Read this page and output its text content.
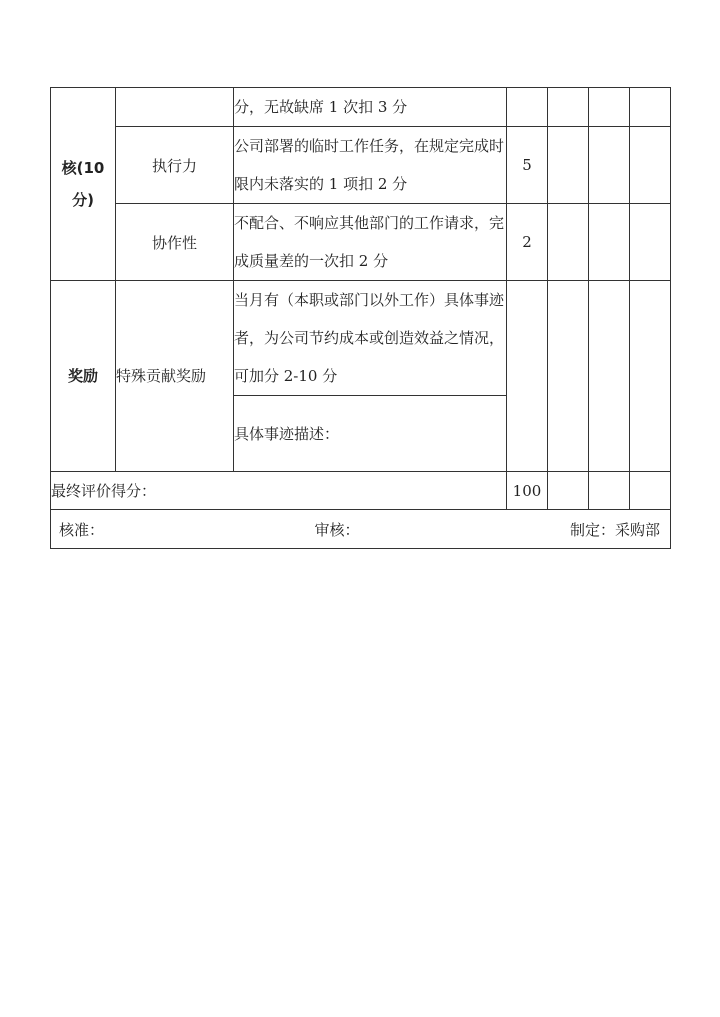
核(10
分)		分，无故缺席 1 次扣 3 分				
	执行力	公司部署的临时工作任务，在规定完成时限内未落实的 1 项扣 2 分	5			
	协作性	不配合、不响应其他部门的工作请求，完成质量差的一次扣 2 分	2			
奖励	特殊贡献奖励	当月有（本职或部门以外工作）具体事迹者，为公司节约成本或创造效益之情况，可加分 2-10 分				
		具体事迹描述：				
最终评价得分：			100			

核准： 审核： 制定：采购部						
